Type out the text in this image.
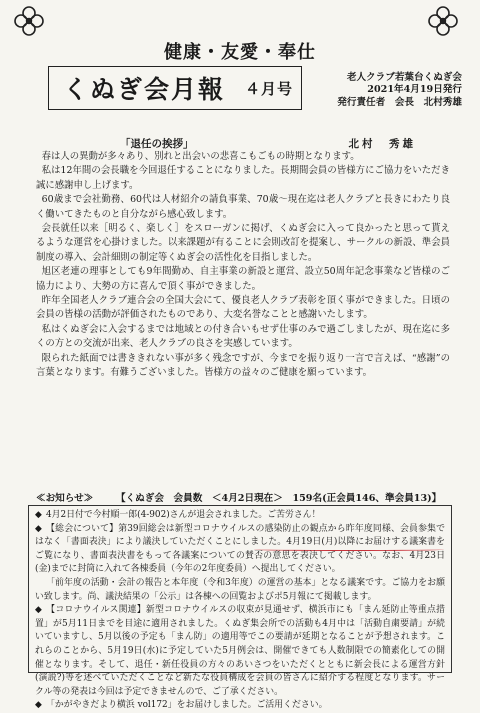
健康・友愛・奉仕
くぬぎ会月報 ４月号
老人クラブ若葉台くぬぎ会
2021年4月19日発行
発行責任者　会長　北村秀雄
「退任の挨拶」	北村　秀雄

春は人の異動が多々あり、別れと出会いの悲喜こもごもの時期となります。

私は12年間の会長職を今回退任することになりました。長期間会員の皆様方にご協力をいただき誠に感謝申し上げます。

60歳まで会社勤務、60代は人材紹介の請負事業、70歳～現在迄は老人クラブと長きにわたり良く働いてきたものと自分ながら感心致します。

会長就任以来［明るく、楽しく］をスローガンに掲げ、くぬぎ会に入って良かったと思って貰えるような運営を心掛けました。以来課題が有ることに会則改訂を提案し、サークルの新設、準会員制度の導入、会計細則の制定等くぬぎ会の活性化を目指しました。

旭区老連の理事としても9年間勤め、自主事業の新設と運営、設立50周年記念事業など皆様のご協力により、大勢の方に喜んで頂く事ができました。

昨年全国老人クラブ連合会の全国大会にて、優良老人クラブ表彰を頂く事ができました。日頃の会員の皆様の活動が評価されたものであり、大変名誉なことと感謝いたします。

私はくぬぎ会に入会するまでは地域との付き合いもせず仕事のみで過ごしましたが、現在迄に多くの方との交流が出来、老人クラブの良さを実感しています。

限られた紙面では書ききれない事が多く残念ですが、今までを振り返り一言で言えば、“感謝”の言葉となります。有難うございました。皆様方の益々のご健康を願っています。

≪お知らせ≫	【くぬぎ会　会員数　＜4月2日現在＞　159名(正会員146、準会員13)】

◆ 4月2日付で今村順一郎(4-902)さんが退会されました。ご苦労さん！

◆ 【総会について】第39回総会は新型コロナウイルスの感染防止の観点から昨年度同様、会員参集ではなく「書面表決」により議決していただくことにしました。4月19日(月)以降にお届けする議案書をご覧になり、書面表決書をもって各議案についての賛否の意思を表決してください。なお、4月23日(金)までに封筒に入れて各棟委員（今年の2年度委員）へ提出してください。

「前年度の活動・会計の報告と本年度（令和3年度）の運営の基本」となる議案です。ご協力をお願い致します。尚、議決結果の「公示」は各棟への回覧およびポ5月報にて掲載します。

◆ 【コロナウイルス関連】新型コロナウイルスの収束が見通せず、横浜市にも「まん延防止等重点措置」が5月11日までを目途に適用されました。くぬぎ集会所での活動も4月中は「活動自粛要請」が続いていますし、5月以後の予定も「まん防」の適用等でこの要請が延期となることが予想されます。これらのことから、5月19日(水)に予定していた5月例会は、開催できても人数制限での簡素化しての開催となります。そして、退任・新任役員の方々のあいさつをいただくとともに新会長による運営方針(演説?)等を述べていただくことなど新たな役員構成を会員の皆さんに紹介する程度となります。サークル等の発表は今回は予定できませんので、ご了承ください。

◆ 「かがやきだより横浜 vol172」をお届けしました。ご活用ください。
